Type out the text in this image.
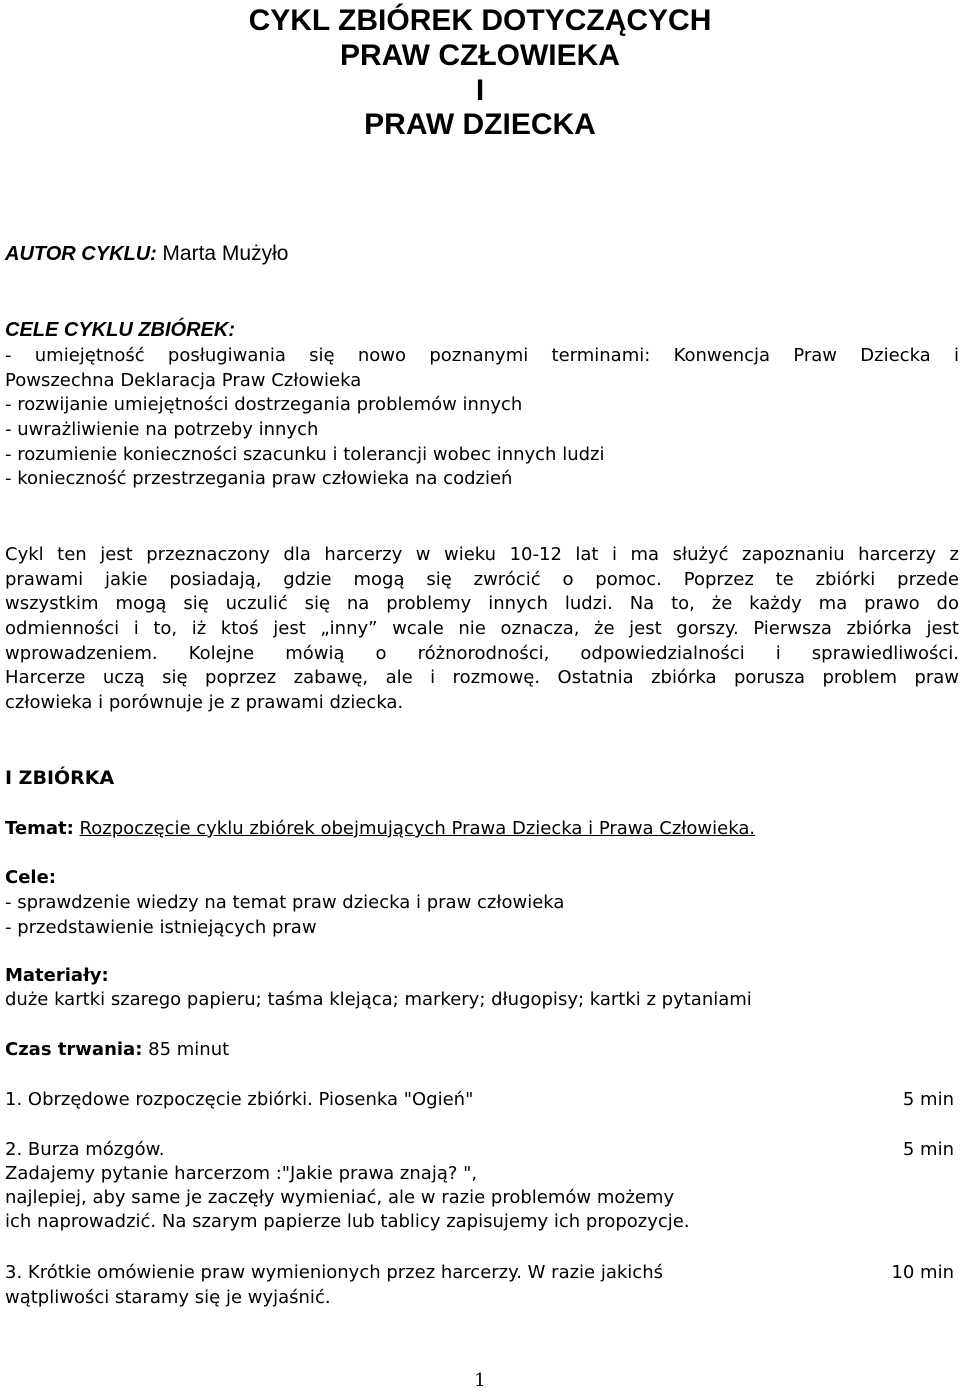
CYKL ZBIÓREK DOTYCZĄCYCH
PRAW CZŁOWIEKA
I
PRAW DZIECKA
AUTOR CYKLU: Marta Mużyło
CELE CYKLU ZBIÓREK:
- umiejętność posługiwania się nowo poznanymi terminami: Konwencja Praw Dziecka i
Powszechna Deklaracja Praw Człowieka
- rozwijanie umiejętności dostrzegania problemów innych
- uwrażliwienie na potrzeby innych
- rozumienie konieczności szacunku i tolerancji wobec innych ludzi
- konieczność przestrzegania praw człowieka na codzień
Cykl ten jest przeznaczony dla harcerzy w wieku 10-12 lat i ma służyć zapoznaniu harcerzy z
prawami jakie posiadają, gdzie mogą się zwrócić o pomoc. Poprzez te zbiórki przede
wszystkim mogą się uczulić się na problemy innych ludzi. Na to, że każdy ma prawo do
odmienności i to, iż ktoś jest „inny” wcale nie oznacza, że jest gorszy. Pierwsza zbiórka jest
wprowadzeniem. Kolejne mówią o różnorodności, odpowiedzialności i sprawiedliwości.
Harcerze uczą się poprzez zabawę, ale i rozmowę. Ostatnia zbiórka porusza problem praw
człowieka i porównuje je z prawami dziecka.
I ZBIÓRKA
Temat: Rozpoczęcie cyklu zbiórek obejmujących Prawa Dziecka i Prawa Człowieka.
Cele:
- sprawdzenie wiedzy na temat praw dziecka i praw człowieka
- przedstawienie istniejących praw
Materiały:
duże kartki szarego papieru; taśma klejąca; markery; długopisy; kartki z pytaniami
Czas trwania: 85 minut
1. Obrzędowe rozpoczęcie zbiórki. Piosenka "Ogień"	5 min
2. Burza mózgów.	5 min
Zadajemy pytanie harcerzom :"Jakie prawa znają? ",
najlepiej, aby same je zaczęły wymieniać, ale w razie problemów możemy
ich naprowadzić. Na szarym papierze lub tablicy zapisujemy ich propozycje.
3. Krótkie omówienie praw wymienionych przez harcerzy. W razie jakichś	10 min
wątpliwości staramy się je wyjaśnić.
1
